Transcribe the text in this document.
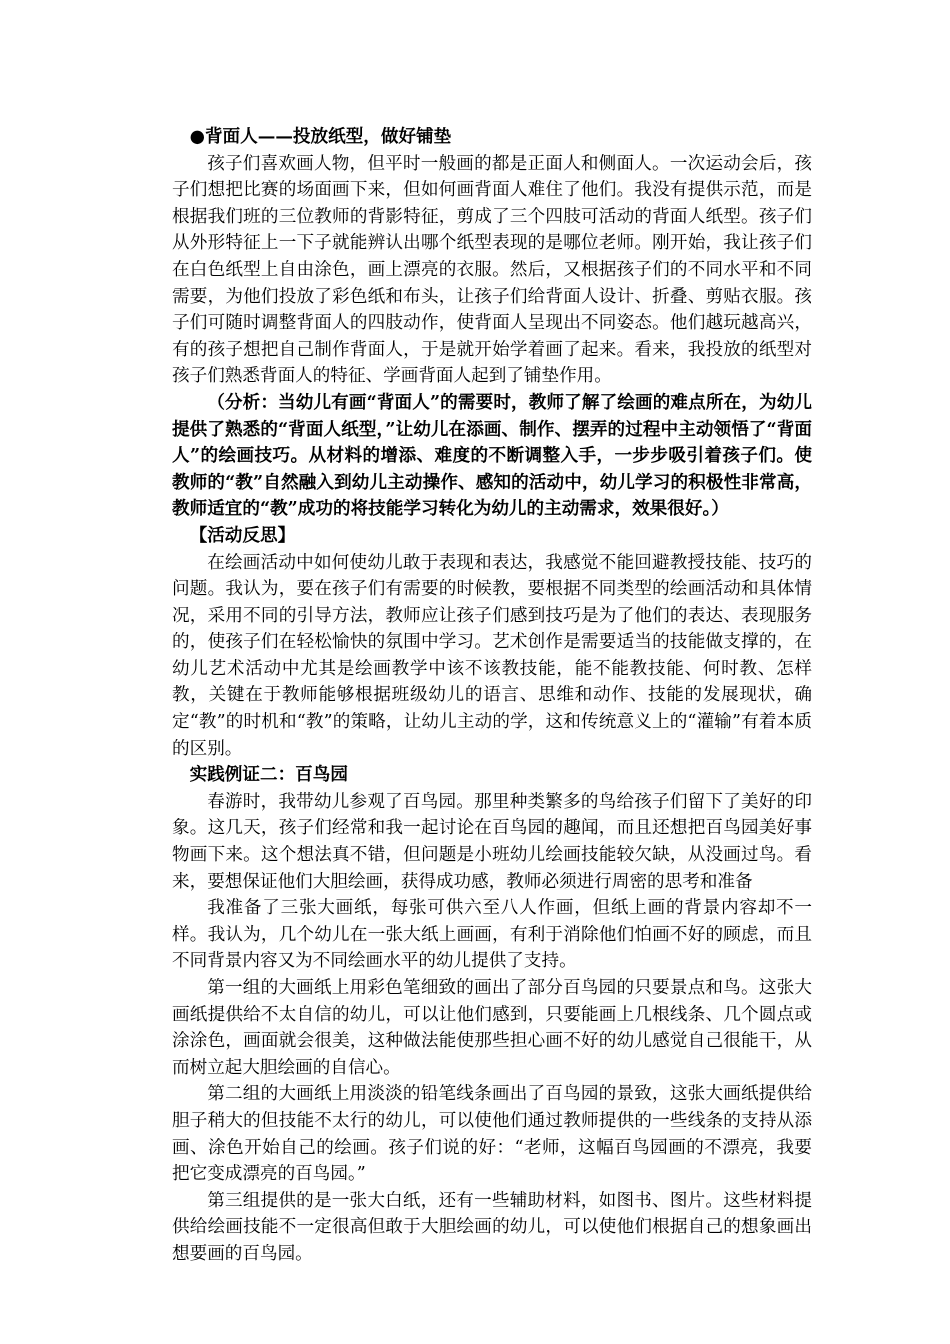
●背面人——投放纸型，做好铺垫

孩子们喜欢画人物，但平时一般画的都是正面人和侧面人。一次运动会后，孩子们想把比赛的场面画下来，但如何画背面人难住了他们。我没有提供示范，而是根据我们班的三位教师的背影特征，剪成了三个四肢可活动的背面人纸型。孩子们从外形特征上一下子就能辨认出哪个纸型表现的是哪位老师。刚开始，我让孩子们在白色纸型上自由涂色，画上漂亮的衣服。然后，又根据孩子们的不同水平和不同需要，为他们投放了彩色纸和布头，让孩子们给背面人设计、折叠、剪贴衣服。孩子们可随时调整背面人的四肢动作，使背面人呈现出不同姿态。他们越玩越高兴，有的孩子想把自己制作背面人，于是就开始学着画了起来。看来，我投放的纸型对孩子们熟悉背面人的特征、学画背面人起到了铺垫作用。

（分析：当幼儿有画“背面人”的需要时，教师了解了绘画的难点所在，为幼儿提供了熟悉的“背面人纸型，”让幼儿在添画、制作、摆弄的过程中主动领悟了“背面人”的绘画技巧。从材料的增添、难度的不断调整入手，一步步吸引着孩子们。使教师的“教”自然融入到幼儿主动操作、感知的活动中，幼儿学习的积极性非常高，教师适宜的“教”成功的将技能学习转化为幼儿的主动需求，效果很好。）

【活动反思】

在绘画活动中如何使幼儿敢于表现和表达，我感觉不能回避教授技能、技巧的问题。我认为，要在孩子们有需要的时候教，要根据不同类型的绘画活动和具体情况，采用不同的引导方法，教师应让孩子们感到技巧是为了他们的表达、表现服务的，使孩子们在轻松愉快的氛围中学习。艺术创作是需要适当的技能做支撑的，在幼儿艺术活动中尤其是绘画教学中该不该教技能，能不能教技能、何时教、怎样教，关键在于教师能够根据班级幼儿的语言、思维和动作、技能的发展现状，确定“教”的时机和“教”的策略，让幼儿主动的学，这和传统意义上的“灌输”有着本质的区别。

实践例证二：百鸟园

春游时，我带幼儿参观了百鸟园。那里种类繁多的鸟给孩子们留下了美好的印象。这几天，孩子们经常和我一起讨论在百鸟园的趣闻，而且还想把百鸟园美好事物画下来。这个想法真不错，但问题是小班幼儿绘画技能较欠缺，从没画过鸟。看来，要想保证他们大胆绘画，获得成功感，教师必须进行周密的思考和准备

我准备了三张大画纸，每张可供六至八人作画，但纸上画的背景内容却不一样。我认为，几个幼儿在一张大纸上画画，有利于消除他们怕画不好的顾虑，而且不同背景内容又为不同绘画水平的幼儿提供了支持。

第一组的大画纸上用彩色笔细致的画出了部分百鸟园的只要景点和鸟。这张大画纸提供给不太自信的幼儿，可以让他们感到，只要能画上几根线条、几个圆点或涂涂色，画面就会很美，这种做法能使那些担心画不好的幼儿感觉自己很能干，从而树立起大胆绘画的自信心。

第二组的大画纸上用淡淡的铅笔线条画出了百鸟园的景致，这张大画纸提供给胆子稍大的但技能不太行的幼儿，可以使他们通过教师提供的一些线条的支持从添画、涂色开始自己的绘画。孩子们说的好：“老师，这幅百鸟园画的不漂亮，我要把它变成漂亮的百鸟园。”

第三组提供的是一张大白纸，还有一些辅助材料，如图书、图片。这些材料提供给绘画技能不一定很高但敢于大胆绘画的幼儿，可以使他们根据自己的想象画出想要画的百鸟园。
